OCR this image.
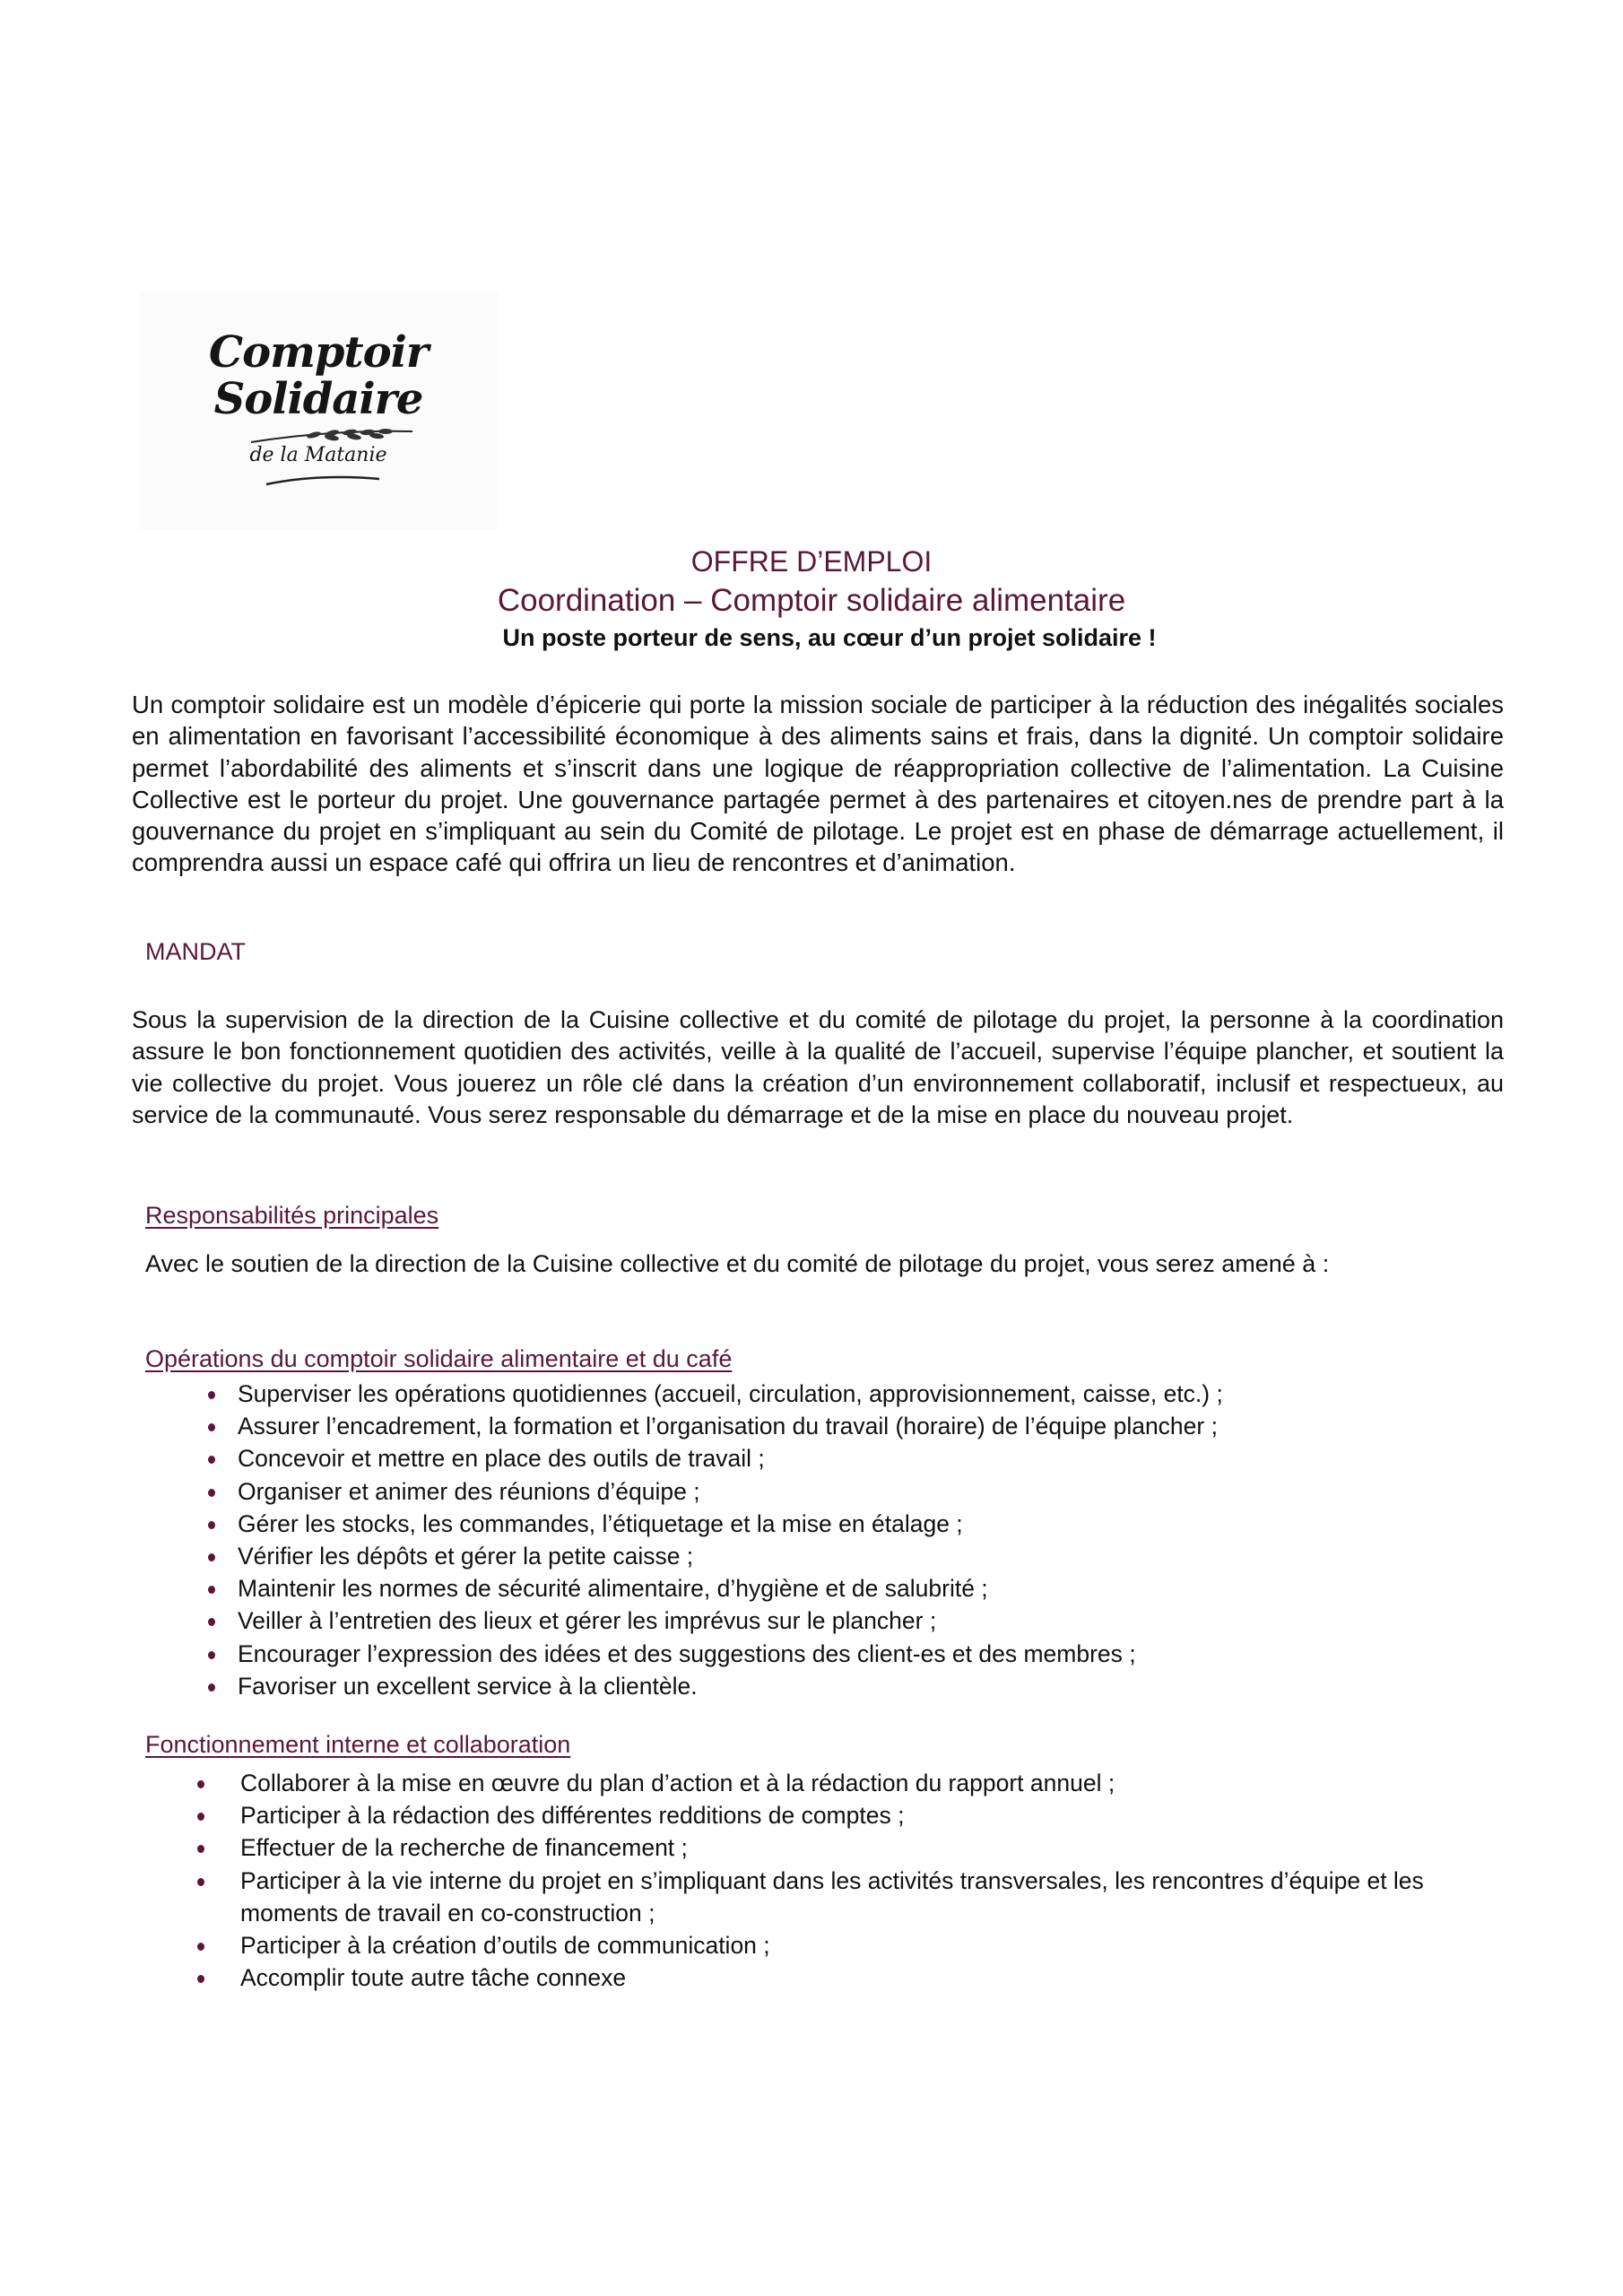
Comptoir
Solidaire
de la Matanie
OFFRE D’EMPLOI
Coordination – Comptoir solidaire alimentaire
Un poste porteur de sens, au cœur d’un projet solidaire !
Un comptoir solidaire est un modèle d’épicerie qui porte la mission sociale de participer à la réduction des inégalités sociales en alimentation en favorisant l’accessibilité économique à des aliments sains et frais, dans la dignité. Un comptoir solidaire permet l’abordabilité des aliments et s’inscrit dans une logique de réappropriation collective de l’alimentation. La Cuisine Collective est le porteur du projet. Une gouvernance partagée permet à des partenaires et citoyen.nes de prendre part à la gouvernance du projet en s’impliquant au sein du Comité de pilotage. Le projet est en phase de démarrage actuellement, il comprendra aussi un espace café qui offrira un lieu de rencontres et d’animation.
MANDAT
Sous la supervision de la direction de la Cuisine collective et du comité de pilotage du projet, la personne à la coordination assure le bon fonctionnement quotidien des activités, veille à la qualité de l’accueil, supervise l’équipe plancher, et soutient la vie collective du projet. Vous jouerez un rôle clé dans la création d’un environnement collaboratif, inclusif et respectueux, au service de la communauté. Vous serez responsable du démarrage et de la mise en place du nouveau projet.
Responsabilités principales
Avec le soutien de la direction de la Cuisine collective et du comité de pilotage du projet, vous serez amené à :
Opérations du comptoir solidaire alimentaire et du café
Superviser les opérations quotidiennes (accueil, circulation, approvisionnement, caisse, etc.) ;
Assurer l’encadrement, la formation et l’organisation du travail (horaire) de l’équipe plancher ;
Concevoir et mettre en place des outils de travail ;
Organiser et animer des réunions d’équipe ;
Gérer les stocks, les commandes, l’étiquetage et la mise en étalage ;
Vérifier les dépôts et gérer la petite caisse ;
Maintenir les normes de sécurité alimentaire, d’hygiène et de salubrité ;
Veiller à l’entretien des lieux et gérer les imprévus sur le plancher ;
Encourager l’expression des idées et des suggestions des client-es et des membres ;
Favoriser un excellent service à la clientèle.
Fonctionnement interne et collaboration
Collaborer à la mise en œuvre du plan d’action et à la rédaction du rapport annuel ;
Participer à la rédaction des différentes redditions de comptes ;
Effectuer de la recherche de financement ;
Participer à la vie interne du projet en s’impliquant dans les activités transversales, les rencontres d’équipe et les moments de travail en co-construction ;
Participer à la création d’outils de communication ;
Accomplir toute autre tâche connexe
